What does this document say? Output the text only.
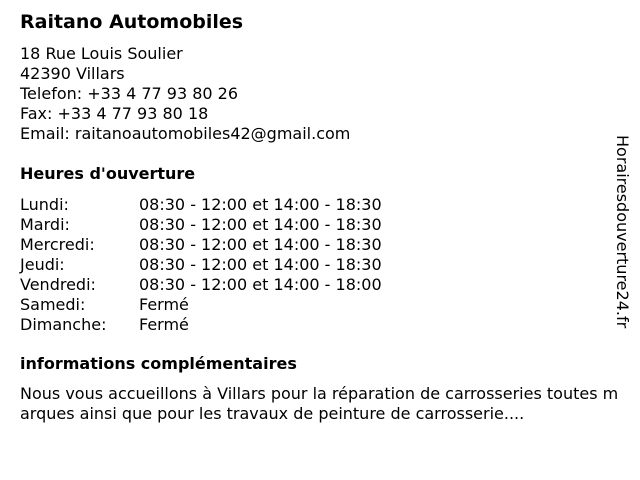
Raitano Automobiles
18 Rue Louis Soulier
42390 Villars
Telefon: +33 4 77 93 80 26
Fax: +33 4 77 93 80 18
Email: raitanoautomobiles42@gmail.com
Heures d'ouverture
Lundi:	08:30 - 12:00 et 14:00 - 18:30
Mardi:	08:30 - 12:00 et 14:00 - 18:30
Mercredi:	08:30 - 12:00 et 14:00 - 18:30
Jeudi:	08:30 - 12:00 et 14:00 - 18:30
Vendredi:	08:30 - 12:00 et 14:00 - 18:00
Samedi:	Fermé
Dimanche: Fermé
informations complémentaires

Nous vous accueillons à Villars pour la réparation de carrosseries toutes marques ainsi que pour les travaux de peinture de carrosserie....

Horairesdouverture24.fr
